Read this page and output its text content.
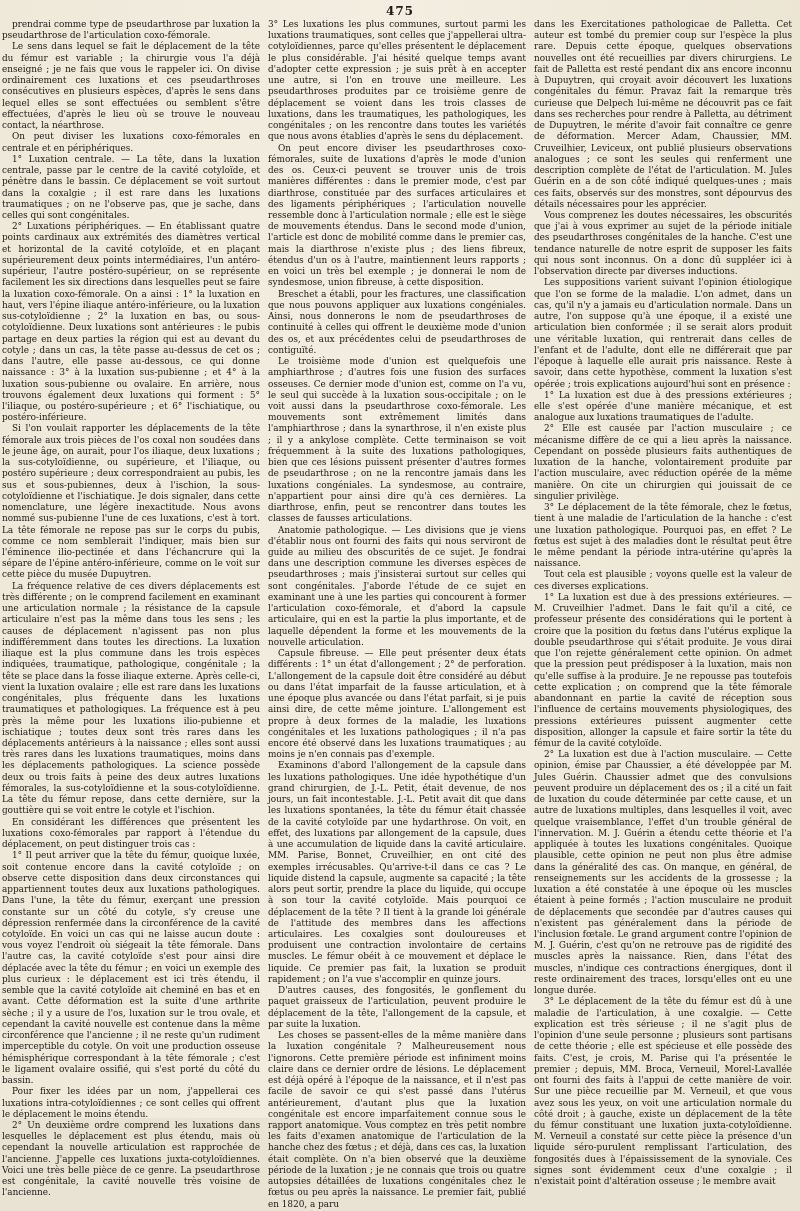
475

prendrai comme type de pseudarthrose par luxation la pseudarthrose de l'articulation coxo-fémorale.

Le sens dans lequel se fait le déplacement de la tête du fémur est variable ; la chirurgie vous l'a déjà enseigné ; je ne fais que vous le rappeler ici. On divise ordinairement ces luxations et ces pseudarthroses consécutives en plusieurs espèces, d'après le sens dans lequel elles se sont effectuées ou semblent s'être effectuées, d'après le lieu où se trouve le nouveau contact, la néarthrose.

On peut diviser les luxations coxo-fémorales en centrale et en périphériques.

1° Luxation centrale. — La tête, dans la luxation centrale, passe par le centre de la cavité cotyloïde, et pénètre dans le bassin. Ce déplacement se voit surtout dans la coxalgie ; il est rare dans les luxations traumatiques ; on ne l'observe pas, que je sache, dans celles qui sont congénitales.

2° Luxations périphériques. — En établissant quatre points cardinaux aux extrémités des diamètres vertical et horizontal de la cavité cotyloïde, et en plaçant supérieurement deux points intermédiaires, l'un antéro-supérieur, l'autre postéro-supérieur, on se représente facilement les six directions dans lesquelles peut se faire la luxation coxo-fémorale. On a ainsi : 1° la luxation en haut, vers l'épine iliaque antéro-inférieure, ou la luxation sus-cotyloïdienne ; 2° la luxation en bas, ou sous-cotyloïdienne. Deux luxations sont antérieures : le pubis partage en deux parties la région qui est au devant du cotyle ; dans un cas, la tête passe au-dessus de cet os ; dans l'autre, elle passe au-dessous, ce qui donne naissance : 3° à la luxation sus-pubienne ; et 4° à la luxation sous-pubienne ou ovalaire. En arrière, nous trouvons également deux luxations qui forment : 5° l'iliaque, ou postéro-supérieure ; et 6° l'ischiatique, ou postéro-inférieure.

Si l'on voulait rapporter les déplacements de la tête fémorale aux trois pièces de l'os coxal non soudées dans le jeune âge, on aurait, pour l'os iliaque, deux luxations ; la sus-cotyloïdienne, ou supérieure, et l'iliaque, ou postéro supérieure ; deux correspondraient au pubis, les sus et sous-pubiennes, deux à l'ischion, la sous-cotyloïdienne et l'ischiatique. Je dois signaler, dans cette nomenclature, une légère inexactitude. Nous avons nommé sus-pubienne l'une de ces luxations, c'est à tort. La tête fémorale ne repose pas sur le corps du pubis, comme ce nom semblerait l'indiquer, mais bien sur l'éminence ilio-pectinée et dans l'échancrure qui la sépare de l'épine antéro-inférieure, comme on le voit sur cette pièce du musée Dupuytren.

La fréquence relative de ces divers déplacements est très différente ; on le comprend facilement en examinant une articulation normale ; la résistance de la capsule articulaire n'est pas la même dans tous les sens ; les causes de déplacement n'agissent pas non plus indifféremment dans toutes les directions. La luxation iliaque est la plus commune dans les trois espèces indiquées, traumatique, pathologique, congénitale ; la tête se place dans la fosse iliaque externe. Après celle-ci, vient la luxation ovalaire ; elle est rare dans les luxations congénitales, plus fréquente dans les luxations traumatiques et pathologiques. La fréquence est à peu près la même pour les luxations ilio-pubienne et ischiatique ; toutes deux sont très rares dans les déplacements antérieurs à la naissance ; elles sont aussi très rares dans les luxations traumatiques, moins dans les déplacements pathologiques. La science possède deux ou trois faits à peine des deux autres luxations fémorales, la sus-cotyloïdienne et la sous-cotyloïdienne. La tête du fémur repose, dans cette dernière, sur la gouttière qui se voit entre le cotyle et l'ischion.

En considérant les différences que présentent les luxations coxo-fémorales par rapport à l'étendue du déplacement, on peut distinguer trois cas :

1° Il peut arriver que la tête du fémur, quoique luxée, soit contenue encore dans la cavité cotyloïde ; on observe cette disposition dans deux circonstances qui appartiennent toutes deux aux luxations pathologiques. Dans l'une, la tête du fémur, exerçant une pression constante sur un côté du cotyle, s'y creuse une dépression renfermée dans la circonférence de la cavité cotyloïde. En voici un cas qui ne laisse aucun doute : vous voyez l'endroit où siégeait la tête fémorale. Dans l'autre cas, la cavité cotyloïde s'est pour ainsi dire déplacée avec la tête du fémur ; en voici un exemple des plus curieux : le déplacement est ici très étendu, il semble que la cavité cotyloïde ait cheminé en bas et en avant. Cette déformation est la suite d'une arthrite sèche ; il y a usure de l'os, luxation sur le trou ovale, et cependant la cavité nouvelle est contenue dans la même circonférence que l'ancienne ; il ne reste qu'un rudiment imperceptible du cotyle. On voit une production osseuse hémisphérique correspondant à la tête fémorale ; c'est le ligament ovalaire ossifié, qui s'est porté du côté du bassin.

Pour fixer les idées par un nom, j'appellerai ces luxations intra-cotyloïdiennes ; ce sont celles qui offrent le déplacement le moins étendu.

2° Un deuxième ordre comprend les luxations dans lesquelles le déplacement est plus étendu, mais où cependant la nouvelle articulation est rapprochée de l'ancienne. J'appelle ces luxations juxta-cotyloïdiennes. Voici une très belle pièce de ce genre. La pseudarthrose est congénitale, la cavité nouvelle très voisine de l'ancienne.

3° Les luxations les plus communes, surtout parmi les luxations traumatiques, sont celles que j'appellerai ultra-cotyloïdiennes, parce qu'elles présentent le déplacement le plus considérable. J'ai hésité quelque temps avant d'adopter cette expression ; je suis prêt à en accepter une autre, si l'on en trouve une meilleure. Les pseudarthroses produites par ce troisième genre de déplacement se voient dans les trois classes de luxations, dans les traumatiques, les pathologiques, les congénitales ; on les rencontre dans toutes les variétés que nous avons établies d'après le sens du déplacement.

On peut encore diviser les pseudarthroses coxo-fémorales, suite de luxations d'après le mode d'union des os. Ceux-ci peuvent se trouver unis de trois manières différentes : dans le premier mode, c'est par diarthrose, constituée par des surfaces articulaires et des ligaments périphériques ; l'articulation nouvelle ressemble donc à l'articulation normale ; elle est le siège de mouvements étendus. Dans le second mode d'union, l'article est donc de mobilité comme dans le premier cas, mais la diarthrose n'existe plus ; des liens fibreux, étendus d'un os à l'autre, maintiennent leurs rapports ; en voici un très bel exemple ; je donnerai le nom de syndesmose, union fibreuse, à cette disposition.

Breschet a établi, pour les fractures, une classification que nous pouvons appliquer aux luxations congéniales. Ainsi, nous donnerons le nom de pseudarthroses de continuité à celles qui offrent le deuxième mode d'union des os, et aux précédentes celui de pseudarthroses de contiguïté.

Le troisième mode d'union est quelquefois une amphiarthrose ; d'autres fois une fusion des surfaces osseuses. Ce dernier mode d'union est, comme on l'a vu, le seul qui succède à la luxation sous-occipitale ; on le voit aussi dans la pseudarthrose coxo-fémorale. Les mouvements sont extrêmement limités dans l'amphiarthrose ; dans la synarthrose, il n'en existe plus ; il y a ankylose complète. Cette terminaison se voit fréquemment à la suite des luxations pathologiques, bien que ces lésions puissent présenter d'autres formes de pseudarthrose ; on ne la rencontre jamais dans les luxations congéniales. La syndesmose, au contraire, n'appartient pour ainsi dire qu'à ces dernières. La diarthrose, enfin, peut se rencontrer dans toutes les classes de fausses articulations.

Anatomie pathologique. — Les divisions que je viens d'établir nous ont fourni des faits qui nous serviront de guide au milieu des obscurités de ce sujet. Je fondrai dans une description commune les diverses espèces de pseudarthroses ; mais j'insisterai surtout sur celles qui sont congénitales. J'aborde l'étude de ce sujet en examinant une à une les parties qui concourent à former l'articulation coxo-fémorale, et d'abord la capsule articulaire, qui en est la partie la plus importante, et de laquelle dépendent la forme et les mouvements de la nouvelle articulation.

Capsule fibreuse. — Elle peut présenter deux états différents : 1° un état d'allongement ; 2° de perforation. L'allongement de la capsule doit être considéré au début ou dans l'état imparfait de la fausse articulation, et à une époque plus avancée ou dans l'état parfait, si je puis ainsi dire, de cette même jointure. L'allongement est propre à deux formes de la maladie, les luxations congénitales et les luxations pathologiques ; il n'a pas encore été observé dans les luxations traumatiques ; au moins je n'en connais pas d'exemple.

Examinons d'abord l'allongement de la capsule dans les luxations pathologiques. Une idée hypothétique d'un grand chirurgien, de J.-L. Petit, était devenue, de nos jours, un fait incontestable. J.-L. Petit avait dit que dans les luxations spontanées, la tête du fémur était chassée de la cavité cotyloïde par une hydarthrose. On voit, en effet, des luxations par allongement de la capsule, dues à une accumulation de liquide dans la cavité articulaire. MM. Parise, Bonnet, Cruveilhier, en ont cité des exemples irrécusables. Qu'arrive-t-il dans ce cas ? Le liquide distend la capsule, augmente sa capacité ; la tête alors peut sortir, prendre la place du liquide, qui occupe à son tour la cavité cotyloïde. Mais pourquoi ce déplacement de la tête ? Il tient à la grande loi générale de l'attitude des membres dans les affections articulaires. Les coxalgies sont douloureuses et produisent une contraction involontaire de certains muscles. Le fémur obéit à ce mouvement et déplace le liquide. Ce premier pas fait, la luxation se produit rapidement ; on l'a vue s'accomplir en quinze jours.

D'autres causes, des fongosités, le gonflement du paquet graisseux de l'articulation, peuvent produire le déplacement de la tête, l'allongement de la capsule, et par suite la luxation.

Les choses se passent-elles de la même manière dans la luxation congénitale ? Malheureusement nous l'ignorons. Cette première période est infiniment moins claire dans ce dernier ordre de lésions. Le déplacement est déjà opéré à l'époque de la naissance, et il n'est pas facile de savoir ce qui s'est passé dans l'utérus antérieurement, d'autant plus que la luxation congénitale est encore imparfaitement connue sous le rapport anatomique. Vous comptez en très petit nombre les faits d'examen anatomique de l'articulation de la hanche chez des fœtus ; et déjà, dans ces cas, la luxation était complète. On n'a bien observé que la deuxième période de la luxation ; je ne connais que trois ou quatre autopsies détaillées de luxations congénitales chez le fœtus ou peu après la naissance. Le premier fait, publié en 1820, a paru

dans les Exercitationes pathologicae de Palletta. Cet auteur est tombé du premier coup sur l'espèce la plus rare. Depuis cette époque, quelques observations nouvelles ont été recueillies par divers chirurgiens. Le fait de Palletta est resté pendant dix ans encore inconnu à Dupuytren, qui croyait avoir découvert les luxations congénitales du fémur. Pravaz fait la remarque très curieuse que Delpech lui-même ne découvrit pas ce fait dans ses recherches pour rendre à Palletta, au détriment de Dupuytren, le mérite d'avoir fait connaître ce genre de déformation. Mercer Adam, Chaussier, MM. Cruveilhier, Leviceux, ont publié plusieurs observations analogues ; ce sont les seules qui renferment une description complète de l'état de l'articulation. M. Jules Guérin en a de son côté indiqué quelques-unes ; mais ces faits, observés sur des monstres, sont dépourvus des détails nécessaires pour les apprécier.

Vous comprenez les doutes nécessaires, les obscurités que j'ai à vous exprimer au sujet de la période initiale des pseudarthroses congénitales de la hanche. C'est une tendance naturelle de notre esprit de supposer les faits qui nous sont inconnus. On a donc dû suppléer ici à l'observation directe par diverses inductions.

Les suppositions varient suivant l'opinion étiologique que l'on se forme de la maladie. L'on admet, dans un cas, qu'il n'y a jamais eu d'articulation normale. Dans un autre, l'on suppose qu'à une époque, il a existé une articulation bien conformée ; il se serait alors produit une véritable luxation, qui rentrerait dans celles de l'enfant et de l'adulte, dont elle ne différerait que par l'époque à laquelle elle aurait pris naissance. Reste à savoir, dans cette hypothèse, comment la luxation s'est opérée ; trois explications aujourd'hui sont en présence :

1° La luxation est due à des pressions extérieures ; elle s'est opérée d'une manière mécanique, et est analogue aux luxations traumatiques de l'adulte.

2° Elle est causée par l'action musculaire ; ce mécanisme diffère de ce qui a lieu après la naissance. Cependant on possède plusieurs faits authentiques de luxation de la hanche, volontairement produite par l'action musculaire, avec réduction opérée de la même manière. On cite un chirurgien qui jouissait de ce singulier privilège.

3° Le déplacement de la tête fémorale, chez le fœtus, tient à une maladie de l'articulation de la hanche : c'est une luxation pathologique. Pourquoi pas, en effet ? Le fœtus est sujet à des maladies dont le résultat peut être le même pendant la période intra-utérine qu'après la naissance.

Tout cela est plausible ; voyons quelle est la valeur de ces diverses explications.

1° La luxation est due à des pressions extérieures. — M. Cruveilhier l'admet. Dans le fait qu'il a cité, ce professeur présente des considérations qui le portent à croire que la position du fœtus dans l'utérus explique la double pseudarthrose qui s'était produite. Je vous dirai que l'on rejette généralement cette opinion. On admet que la pression peut prédisposer à la luxation, mais non qu'elle suffise à la produire. Je ne repousse pas toutefois cette explication ; on comprend que la tête fémorale abandonnant en partie la cavité de réception sous l'influence de certains mouvements physiologiques, des pressions extérieures puissent augmenter cette disposition, allonger la capsule et faire sortir la tête du fémur de la cavité cotyloïde.

2° La luxation est due à l'action musculaire. — Cette opinion, émise par Chaussier, a été développée par M. Jules Guérin. Chaussier admet que des convulsions peuvent produire un déplacement des os ; il a cité un fait de luxation du coude déterminée par cette cause, et un autre de luxations multiples, dans lesquelles il voit, avec quelque vraisemblance, l'effet d'un trouble général de l'innervation. M. J. Guérin a étendu cette théorie et l'a appliquée à toutes les luxations congénitales. Quoique plausible, cette opinion ne peut non plus être admise dans la généralité des cas. On manque, en général, de renseignements sur les accidents de la grossesse ; la luxation a été constatée à une époque où les muscles étaient à peine formés ; l'action musculaire ne produit de déplacements que secondée par d'autres causes qui n'existent pas généralement dans la période de l'inclusion fœtale. Le grand argument contre l'opinion de M. J. Guérin, c'est qu'on ne retrouve pas de rigidité des muscles après la naissance. Rien, dans l'état des muscles, n'indique ces contractions énergiques, dont il reste ordinairement des traces, lorsqu'elles ont eu une longue durée.

3° Le déplacement de la tête du fémur est dû à une maladie de l'articulation, à une coxalgie. — Cette explication est très sérieuse ; il ne s'agit plus de l'opinion d'une seule personne ; plusieurs sont partisans de cette théorie ; elle est spécieuse et elle possède des faits. C'est, je crois, M. Parise qui l'a présentée le premier ; depuis, MM. Broca, Verneuil, Morel-Lavallée ont fourni des faits à l'appui de cette manière de voir. Sur une pièce recueillie par M. Verneuil, et que vous avez sous les yeux, on voit une articulation normale du côté droit ; à gauche, existe un déplacement de la tête du fémur constituant une luxation juxta-cotyloïdienne. M. Verneuil a constaté sur cette pièce la présence d'un liquide séro-purulent remplissant l'articulation, des fongosités dues à l'épaississement de la synoviale. Ces signes sont évidemment ceux d'une coxalgie ; il n'existait point d'altération osseuse ; le membre avait
